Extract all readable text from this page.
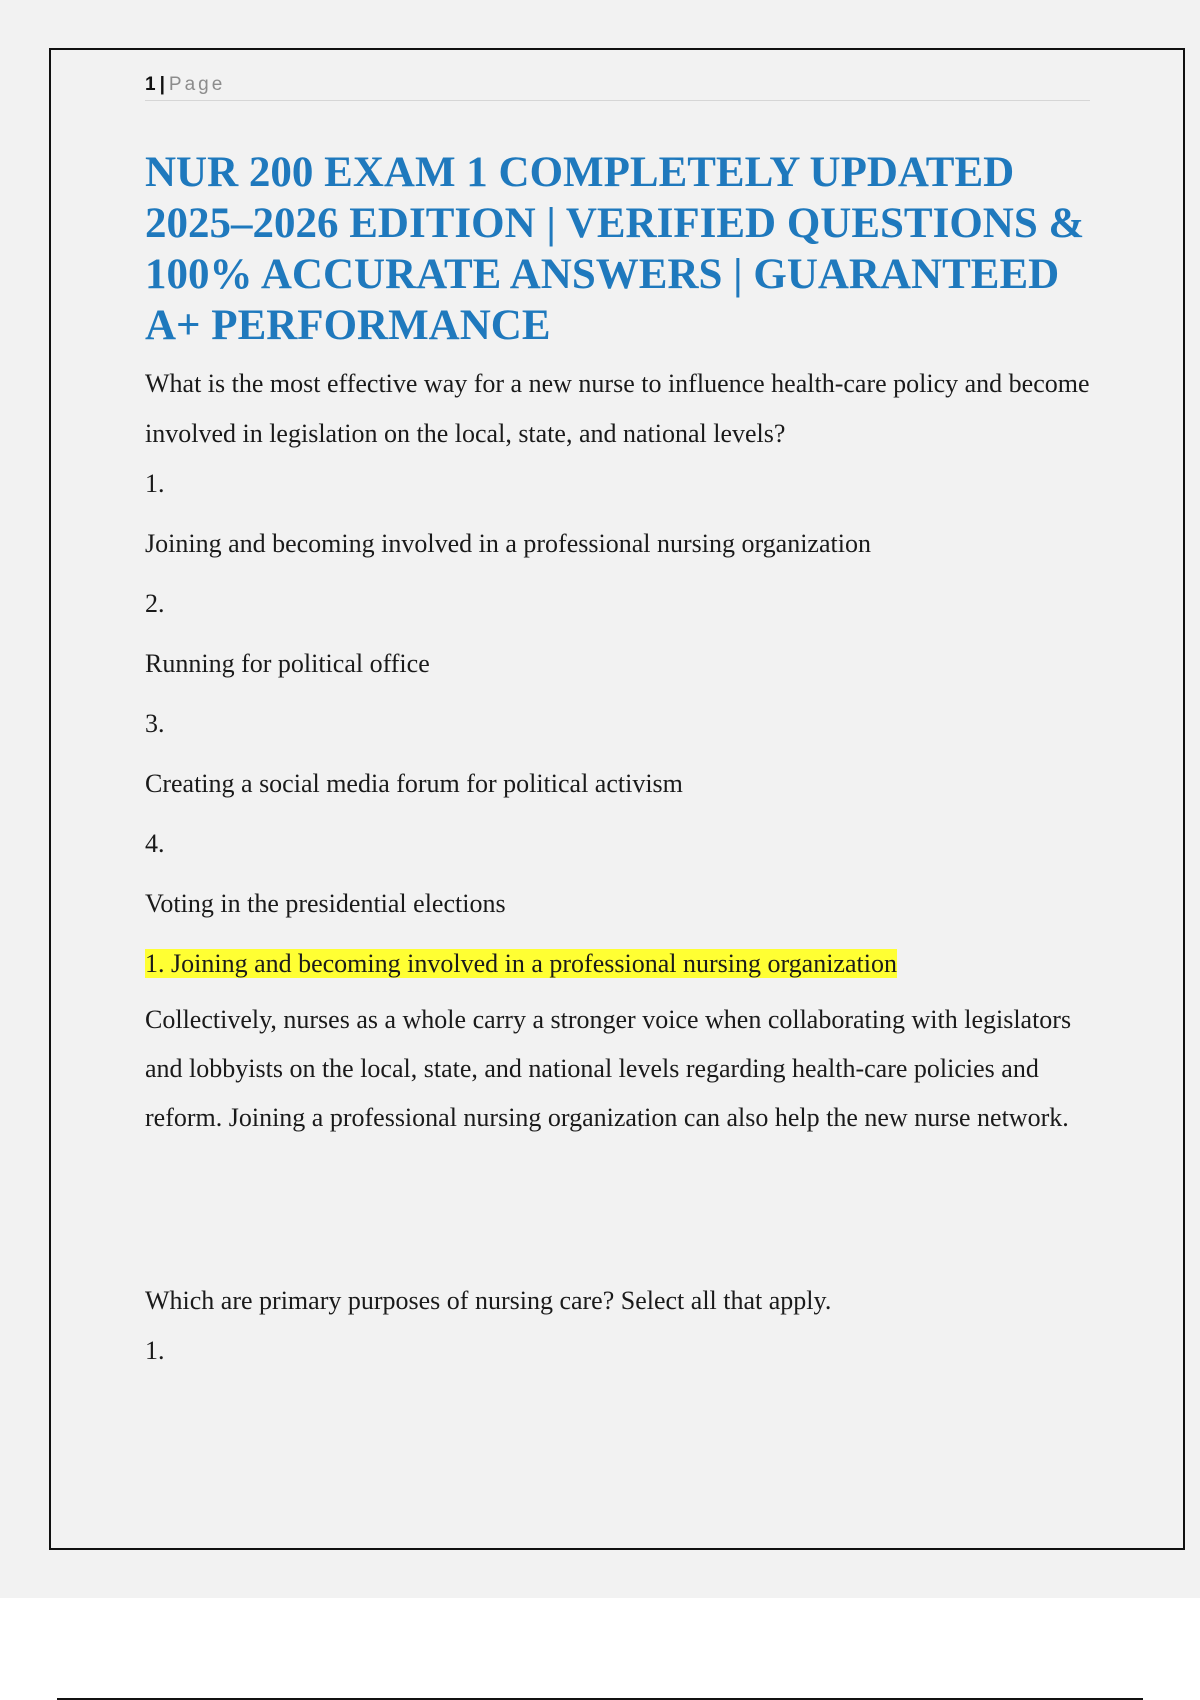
1 | Page
NUR 200 EXAM 1 COMPLETELY UPDATED 2025–2026 EDITION | VERIFIED QUESTIONS & 100% ACCURATE ANSWERS | GUARANTEED A+ PERFORMANCE

What is the most effective way for a new nurse to influence health-care policy and become involved in legislation on the local, state, and national levels?

1.

Joining and becoming involved in a professional nursing organization

2.

Running for political office

3.

Creating a social media forum for political activism

4.

Voting in the presidential elections

1. Joining and becoming involved in a professional nursing organization

Collectively, nurses as a whole carry a stronger voice when collaborating with legislators and lobbyists on the local, state, and national levels regarding health-care policies and reform. Joining a professional nursing organization can also help the new nurse network.

Which are primary purposes of nursing care? Select all that apply.

1.
